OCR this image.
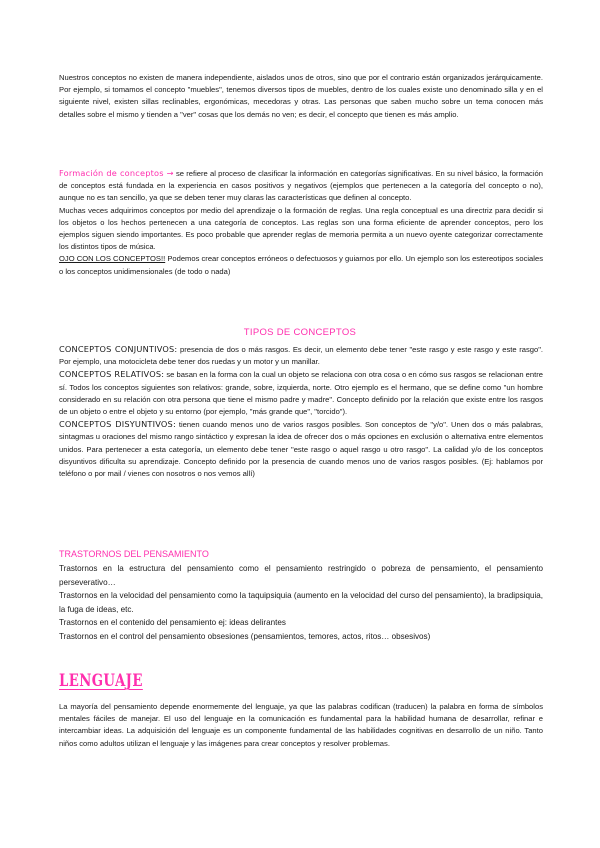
Nuestros conceptos no existen de manera independiente, aislados unos de otros, sino que por el contrario están organizados jerárquicamente. Por ejemplo, si tomamos el concepto "muebles", tenemos diversos tipos de muebles, dentro de los cuales existe uno denominado silla y en el siguiente nivel, existen sillas reclinables, ergonómicas, mecedoras y otras. Las personas que saben mucho sobre un tema conocen más detalles sobre el mismo y tienden a "ver" cosas que los demás no ven; es decir, el concepto que tienen es más amplio.

Formación de conceptos → se refiere al proceso de clasificar la información en categorías significativas. En su nivel básico, la formación de conceptos está fundada en la experiencia en casos positivos y negativos (ejemplos que pertenecen a la categoría del concepto o no), aunque no es tan sencillo, ya que se deben tener muy claras las características que definen al concepto.

Muchas veces adquirimos conceptos por medio del aprendizaje o la formación de reglas. Una regla conceptual es una directriz para decidir si los objetos o los hechos pertenecen a una categoría de conceptos. Las reglas son una forma eficiente de aprender conceptos, pero los ejemplos siguen siendo importantes. Es poco probable que aprender reglas de memoria permita a un nuevo oyente categorizar correctamente los distintos tipos de música.

OJO CON LOS CONCEPTOS!! Podemos crear conceptos erróneos o defectuosos y guiarnos por ello. Un ejemplo son los estereotipos sociales o los conceptos unidimensionales (de todo o nada)

TIPOS DE CONCEPTOS

CONCEPTOS CONJUNTIVOS: presencia de dos o más rasgos. Es decir, un elemento debe tener "este rasgo y este rasgo y este rasgo". Por ejemplo, una motocicleta debe tener dos ruedas y un motor y un manillar.

CONCEPTOS RELATIVOS: se basan en la forma con la cual un objeto se relaciona con otra cosa o en cómo sus rasgos se relacionan entre sí. Todos los conceptos siguientes son relativos: grande, sobre, izquierda, norte. Otro ejemplo es el hermano, que se define como "un hombre considerado en su relación con otra persona que tiene el mismo padre y madre". Concepto definido por la relación que existe entre los rasgos de un objeto o entre el objeto y su entorno (por ejemplo, "más grande que", "torcido").

CONCEPTOS DISYUNTIVOS: tienen cuando menos uno de varios rasgos posibles. Son conceptos de "y/o". Unen dos o más palabras, sintagmas u oraciones del mismo rango sintáctico y expresan la idea de ofrecer dos o más opciones en exclusión o alternativa entre elementos unidos. Para pertenecer a esta categoría, un elemento debe tener "este rasgo o aquel rasgo u otro rasgo". La calidad y/o de los conceptos disyuntivos dificulta su aprendizaje. Concepto definido por la presencia de cuando menos uno de varios rasgos posibles. (Ej: hablamos por teléfono o por mail / vienes con nosotros o nos vemos allí)

TRASTORNOS DEL PENSAMIENTO

Trastornos en la estructura del pensamiento como el pensamiento restringido o pobreza de pensamiento, el pensamiento perseverativo…

Trastornos en la velocidad del pensamiento como la taquipsiquia (aumento en la velocidad del curso del pensamiento), la bradipsiquia, la fuga de ideas, etc.

Trastornos en el contenido del pensamiento ej: ideas delirantes

Trastornos en el control del pensamiento obsesiones (pensamientos, temores, actos, ritos… obsesivos)

LENGUAJE

La mayoría del pensamiento depende enormemente del lenguaje, ya que las palabras codifican (traducen) la palabra en forma de símbolos mentales fáciles de manejar. El uso del lenguaje en la comunicación es fundamental para la habilidad humana de desarrollar, refinar e intercambiar ideas. La adquisición del lenguaje es un componente fundamental de las habilidades cognitivas en desarrollo de un niño. Tanto niños como adultos utilizan el lenguaje y las imágenes para crear conceptos y resolver problemas.
